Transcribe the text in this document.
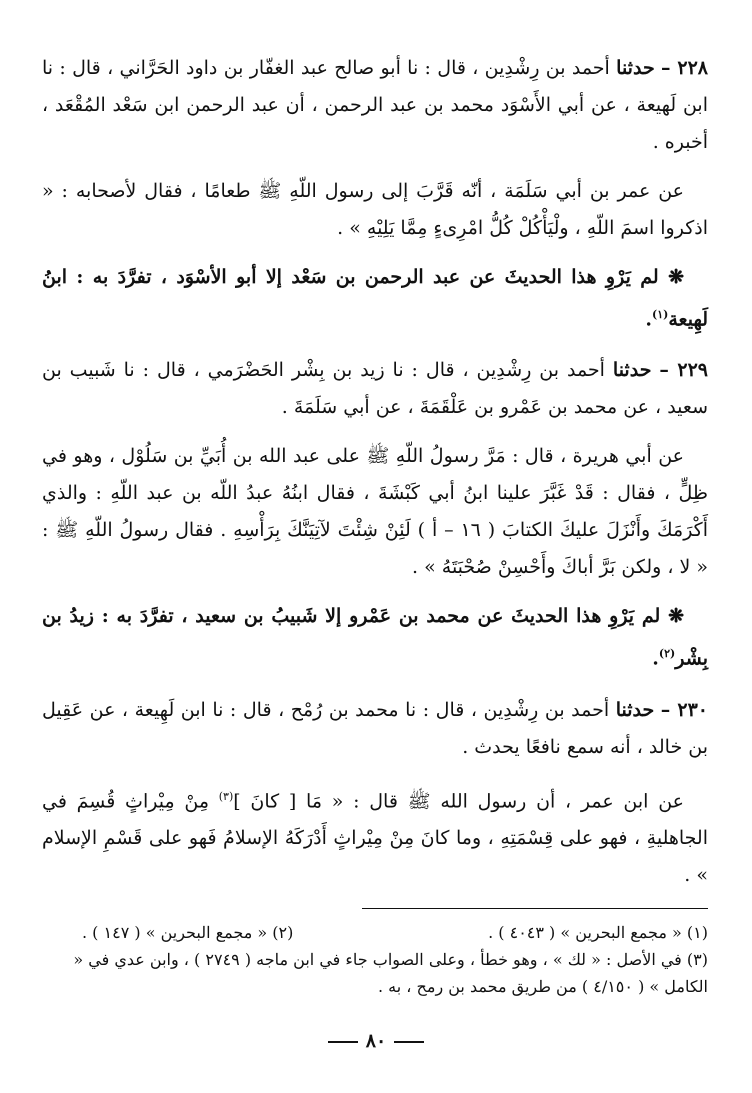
٢٢٨ – حدثنا أحمد بن رِشْدِين ، قال : نا أبو صالح عبد الغفّار بن داود الحَرَّاني ، قال : نا ابن لَهيعة ، عن أبي الأَسْوَد محمد بن عبد الرحمن ، أن عبد الرحمن ابن سَعْد المُقْعَد ، أخبره .

عن عمر بن أبي سَلَمَة ، أنّه قَرَّبَ إلى رسول اللّهِ ﷺ طعامًا ، فقال لأصحابه : « اذكروا اسمَ اللّهِ ، ولْيَأْكُلْ كُلُّ امْرِىءٍ مِمَّا يَلِيْهِ » .

❋ لم يَرْوِ هذا الحديثَ عن عبد الرحمن بن سَعْد إلا أبو الأسْوَد ، تفرَّدَ به : ابنُ لَهِيعة$^{(١)}$.

٢٢٩ – حدثنا أحمد بن رِشْدِين ، قال : نا زيد بن بِشْر الحَضْرَمي ، قال : نا شَبيب بن سعيد ، عن محمد بن عَمْرو بن عَلْقَمَةَ ، عن أبي سَلَمَةَ .

عن أبي هريرة ، قال : مَرَّ رسولُ اللّهِ ﷺ على عبد الله بن أُبَيِّ بن سَلُوْل ، وهو في ظِلٍّ ، فقال : قَدْ غَبَّرَ علينا ابنُ أبي كَبْشَةَ ، فقال ابنُهُ عبدُ اللّه بن عبد اللّهِ : والذي أَكْرَمَكَ وأَنْزَلَ عليكَ الكتابَ ( ١٦ – أ ) لَئِنْ شِئْتَ لآتِيَنَّكَ بِرَأْسِهِ . فقال رسولُ اللّهِ ﷺ : « لا ، ولكن بَرَّ أباكَ وأَحْسِنْ صُحْبَتَهُ » .

❋ لم يَرْوِ هذا الحديثَ عن محمد بن عَمْرو إلا شَبيبُ بن سعيد ، تفرَّدَ به : زيدُ بن بِشْر$^{(٢)}$.

٢٣٠ – حدثنا أحمد بن رِشْدِين ، قال : نا محمد بن رُمْح ، قال : نا ابن لَهِيعة ، عن عَقِيل بن خالد ، أنه سمع نافعًا يحدث .

عن ابن عمر ، أن رسول الله ﷺ قال : « مَا [ كانَ ]$^{(٣)}$ مِنْ مِيْراثٍ قُسِمَ في الجاهليةِ ، فهو على قِسْمَتِهِ ، وما كانَ مِنْ مِيْراثٍ أَدْرَكَهُ الإسلامُ فَهو على قَسْمِ الإسلام » .

(١) « مجمع البحرين » ( ٤٠٤٣ ) .
(٢) « مجمع البحرين » ( ١٤٧ ) .
(٣) في الأصل : « لك » ، وهو خطأ ، وعلى الصواب جاء في ابن ماجه ( ٢٧٤٩ ) ، وابن عدي في « الكامل » ( ٤/١٥٠ ) من طريق محمد بن رمح ، به .
٨٠
